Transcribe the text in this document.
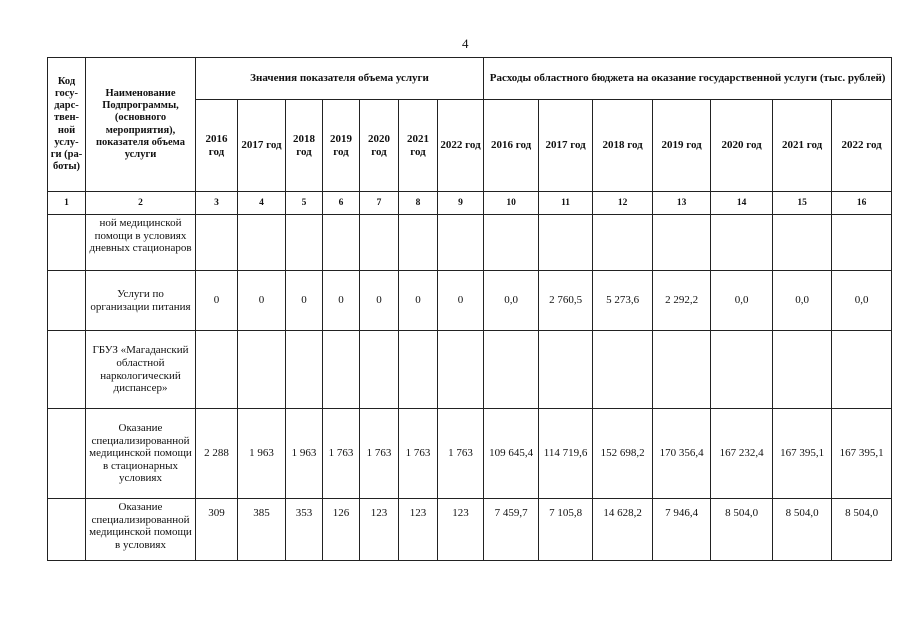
4
Код госу-дарс-твен-ной услу-ги (ра-боты)	Наименование Подпрограммы, (основного мероприятия), показателя объема услуги	Значения показателя объема услуги							Расходы областного бюджета на оказание государственной услуги (тыс. рублей)						
		2016 год	2017 год	2018 год	2019 год	2020 год	2021 год	2022 год	2016 год	2017 год	2018 год	2019 год	2020 год	2021 год	2022 год
1	2	3	4	5	6	7	8	9	10	11	12	13	14	15	16
	ной медицинской помощи в условиях дневных стационаров														
	Услуги по организации питания	0	0	0	0	0	0	0	0,0	2 760,5	5 273,6	2 292,2	0,0	0,0	0,0
	ГБУЗ «Магаданский областной наркологический диспансер»														
	Оказание специализированной медицинской помощи в стационарных условиях	2 288	1 963	1 963	1 763	1 763	1 763	1 763	109 645,4	114 719,6	152 698,2	170 356,4	167 232,4	167 395,1	167 395,1
	Оказание специализированной медицинской помощи в условиях	309	385	353	126	123	123	123	7 459,7	7 105,8	14 628,2	7 946,4	8 504,0	8 504,0	8 504,0
